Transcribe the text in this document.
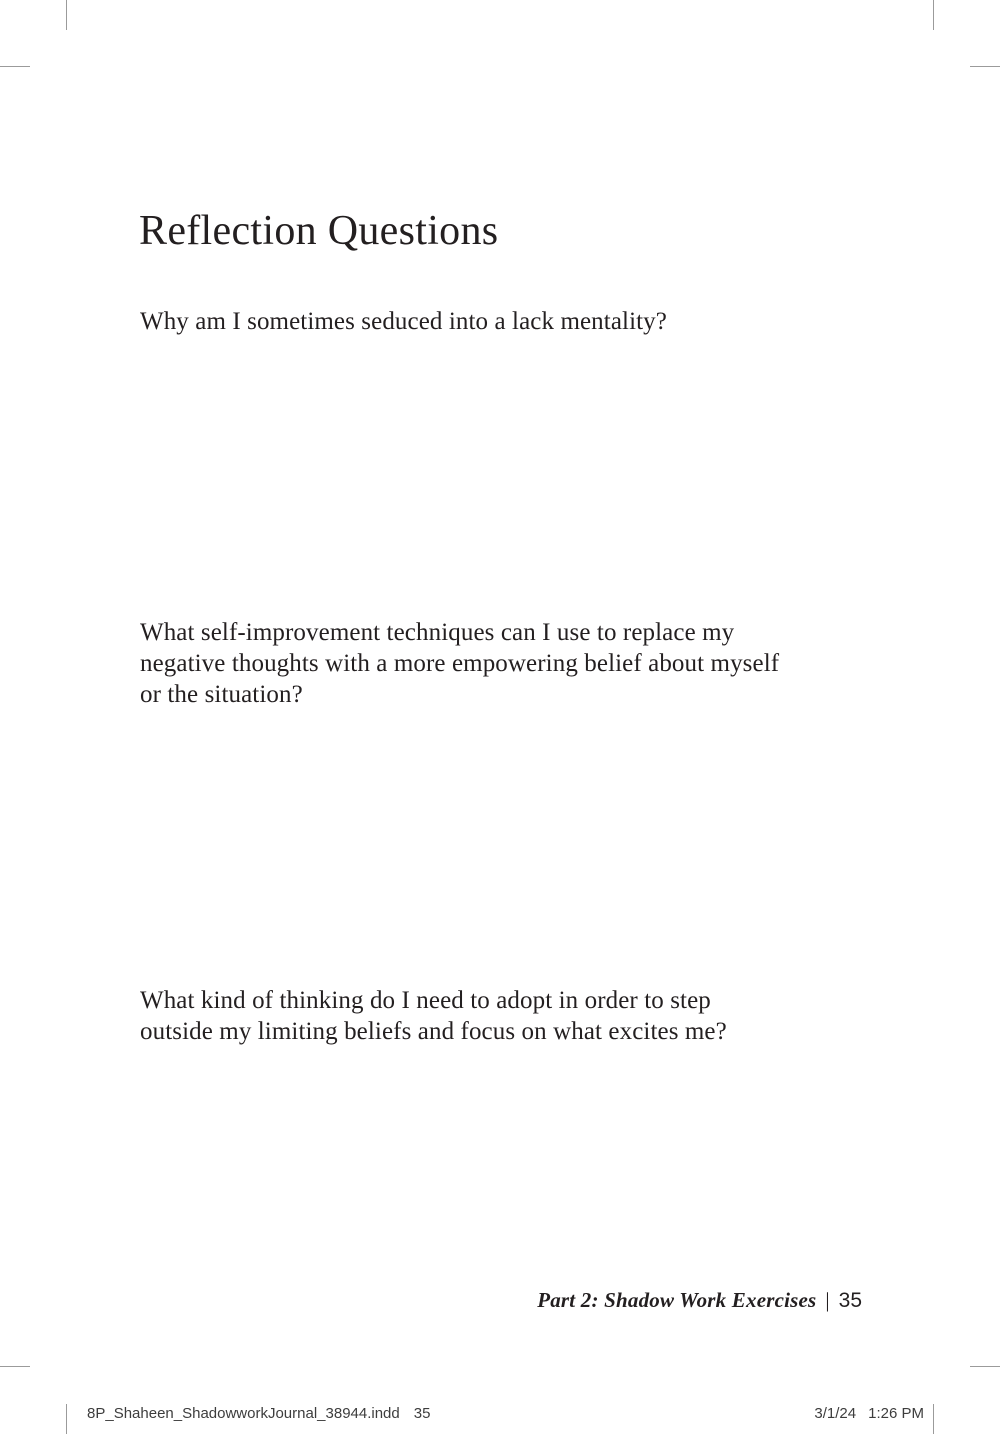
Reflection Questions
Why am I sometimes seduced into a lack mentality?
What self-improvement techniques can I use to replace my
negative thoughts with a more empowering belief about myself
or the situation?
What kind of thinking do I need to adopt in order to step
outside my limiting beliefs and focus on what excites me?
Part 2: Shadow Work Exercises | 35
8P_Shaheen_ShadowworkJournal_38944.indd 35	3/1/24 1:26 PM
